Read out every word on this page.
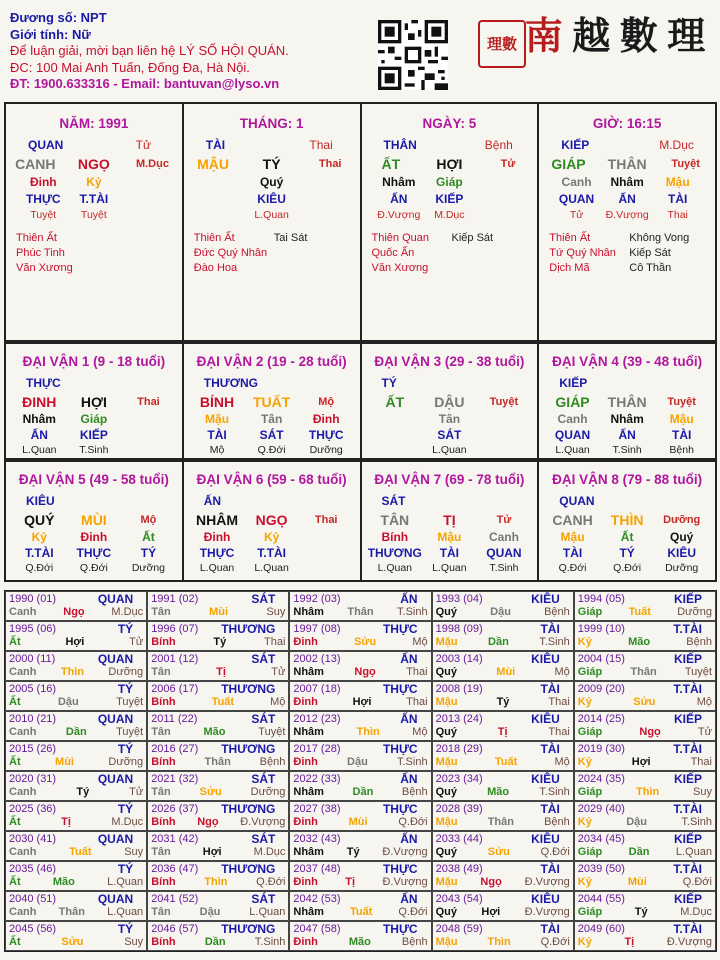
Đương số: NPT
Giới tính: Nữ
Để luận giải, mời bạn liên hệ LÝ SỐ HỘI QUÁN.
ĐC: 100 Mai Anh Tuấn, Đống Đa, Hà Nội.
ĐT: 1900.633316 - Email: bantuvan@lyso.vn
理數 南 越 數 理
NĂM: 1991
QUAN	Tử
CANH	NGỌ	M.Dục
Đinh	Kỷ
THỰC	T.TÀI
Tuyệt	Tuyệt
Thiên Ất
Phúc Tinh
Văn Xương
THÁNG: 1
TÀI	Thai
MẬU	TÝ	Thai
Quý
KIÊU
L.Quan
Thiên Ất	Tai Sát
Đức Quý Nhân
Đào Hoa
NGÀY: 5
THÂN	Bệnh
ẤT	HỢI	Tử
Nhâm	Giáp
ẤN	KIẾP
Đ.Vượng	M.Dục
Thiên Quan Kiếp Sát
Quốc Ấn
Văn Xương
GIỜ: 16:15
KIẾP	M.Dục
GIÁP	THÂN	Tuyệt
Canh	Nhâm	Mậu
QUAN	ẤN	TÀI
Tử	Đ.Vượng	Thai
Thiên Ất	Không Vong
Tứ Quý Nhân Kiếp Sát
Dịch Mã	Cô Thần
ĐẠI VẬN 1 (9 - 18 tuổi)
THỰC
ĐINH	HỢI	Thai
Nhâm	Giáp
ẤN	KIẾP
L.Quan	T.Sinh
ĐẠI VẬN 2 (19 - 28 tuổi)
THƯƠNG
BÍNH	TUẤT	Mộ
Mậu	Tân	Đinh
TÀI	SÁT	THỰC
Mộ	Q.Đới	Dưỡng
ĐẠI VẬN 3 (29 - 38 tuổi)
TÝ
ẤT	DẬU	Tuyệt
Tân
SÁT
L.Quan
ĐẠI VẬN 4 (39 - 48 tuổi)
KIẾP
GIÁP	THÂN	Tuyệt
Canh	Nhâm	Mậu
QUAN	ẤN	TÀI
L.Quan	T.Sinh	Bệnh
ĐẠI VẬN 5 (49 - 58 tuổi)
KIÊU
QUÝ	MÙI	Mộ
Kỷ	Đinh	Ất
T.TÀI	THỰC	TÝ
Q.Đới	Q.Đới	Dưỡng
ĐẠI VẬN 6 (59 - 68 tuổi)
ẤN
NHÂM	NGỌ	Thai
Đinh	Kỷ
THỰC	T.TÀI
L.Quan	L.Quan
ĐẠI VẬN 7 (69 - 78 tuổi)
SÁT
TÂN	TỊ	Tử
Bính	Mậu	Canh
THƯƠNG	TÀI	QUAN
L.Quan	L.Quan	T.Sinh
ĐẠI VẬN 8 (79 - 88 tuổi)
QUAN
CANH	THÌN	Dưỡng
Mậu	Ất	Quý
TÀI	TÝ	KIÊU
Q.Đới	Q.Đới	Dưỡng
1990 (01)	QUAN
Canh Ngọ M.Dục
1991 (02)	SÁT
Tân	Mùi	Suy
1992 (03)	ẤN
Nhâm Thân T.Sinh
1993 (04)	KIÊU
Quý	Dậu	Bệnh
1994 (05)	KIẾP
Giáp Tuất Dưỡng
1995 (06)	TÝ
Ất	Hợi	Tử
1996 (07) THƯƠNG
Bính	Tý	Thai
1997 (08)	THỰC
Đinh	Sửu	Mộ
1998 (09)	TÀI
Mậu	Dần	T.Sinh
1999 (10)	T.TÀI
Kỷ	Mão	Bệnh
2000 (11)	QUAN
Canh Thìn Dưỡng
2001 (12)	SÁT
Tân	Tị	Tử
2002 (13)	ẤN
Nhâm	Ngọ	Thai
2003 (14)	KIÊU
Quý	Mùi	Mộ
2004 (15)	KIẾP
Giáp	Thân	Tuyệt
2005 (16)	TÝ
Ất	Dậu	Tuyệt
2006 (17) THƯƠNG
Bính	Tuất	Mộ
2007 (18)	THỰC
Đinh	Hợi	Thai
2008 (19)	TÀI
Mậu	Tý	Thai
2009 (20)	T.TÀI
Kỷ	Sửu	Mộ
2010 (21)	QUAN
Canh	Dần	Tuyệt
2011 (22)	SÁT
Tân	Mão	Tuyệt
2012 (23)	ẤN
Nhâm	Thìn	Mộ
2013 (24)	KIÊU
Quý	Tị	Thai
2014 (25)	KIẾP
Giáp	Ngọ	Tử
2015 (26)	TÝ
Ất	Mùi	Dưỡng
2016 (27) THƯƠNG
Bính	Thân	Bệnh
2017 (28)	THỰC
Đinh	Dậu	T.Sinh
2018 (29)	TÀI
Mậu	Tuất	Mộ
2019 (30)	T.TÀI
Kỷ	Hợi	Thai
2020 (31)	QUAN
Canh	Tý	Tử
2021 (32)	SÁT
Tân	Sửu	Dưỡng
2022 (33)	ẤN
Nhâm	Dần	Bệnh
2023 (34)	KIÊU
Quý	Mão	T.Sinh
2024 (35)	KIẾP
Giáp	Thìn	Suy
2025 (36)	TÝ
Ất	Tị	M.Dục
2026 (37) THƯƠNG
Bính Ngọ Đ.Vượng
2027 (38)	THỰC
Đinh	Mùi	Q.Đới
2028 (39)	TÀI
Mậu	Thân	Bệnh
2029 (40)	T.TÀI
Kỷ	Dậu	T.Sinh
2030 (41)	QUAN
Canh	Tuất	Suy
2031 (42)	SÁT
Tân	Hợi	M.Dục
2032 (43)	ẤN
Nhâm Tý Đ.Vượng
2033 (44)	KIÊU
Quý	Sửu	Q.Đới
2034 (45)	KIẾP
Giáp Dần L.Quan
2035 (46)	TÝ
Ất	Mão	L.Quan
2036 (47) THƯƠNG
Bính	Thìn	Q.Đới
2037 (48)	THỰC
Đinh Tị Đ.Vượng
2038 (49)	TÀI
Mậu Ngọ Đ.Vượng
2039 (50)	T.TÀI
Kỷ	Mùi	Q.Đới
2040 (51)	QUAN
Canh Thân L.Quan
2041 (52)	SÁT
Tân	Dậu	L.Quan
2042 (53)	ẤN
Nhâm Tuất Q.Đới
2043 (54)	KIÊU
Quý Hợi Đ.Vượng
2044 (55)	KIẾP
Giáp	Tý	M.Dục
2045 (56)	TÝ
Ất	Sửu	Suy
2046 (57) THƯƠNG
Bính	Dần	T.Sinh
2047 (58)	THỰC
Đinh	Mão	Bệnh
2048 (59)	TÀI
Mậu	Thìn	Q.Đới
2049 (60)	T.TÀI
Kỷ	Tị	Đ.Vượng
